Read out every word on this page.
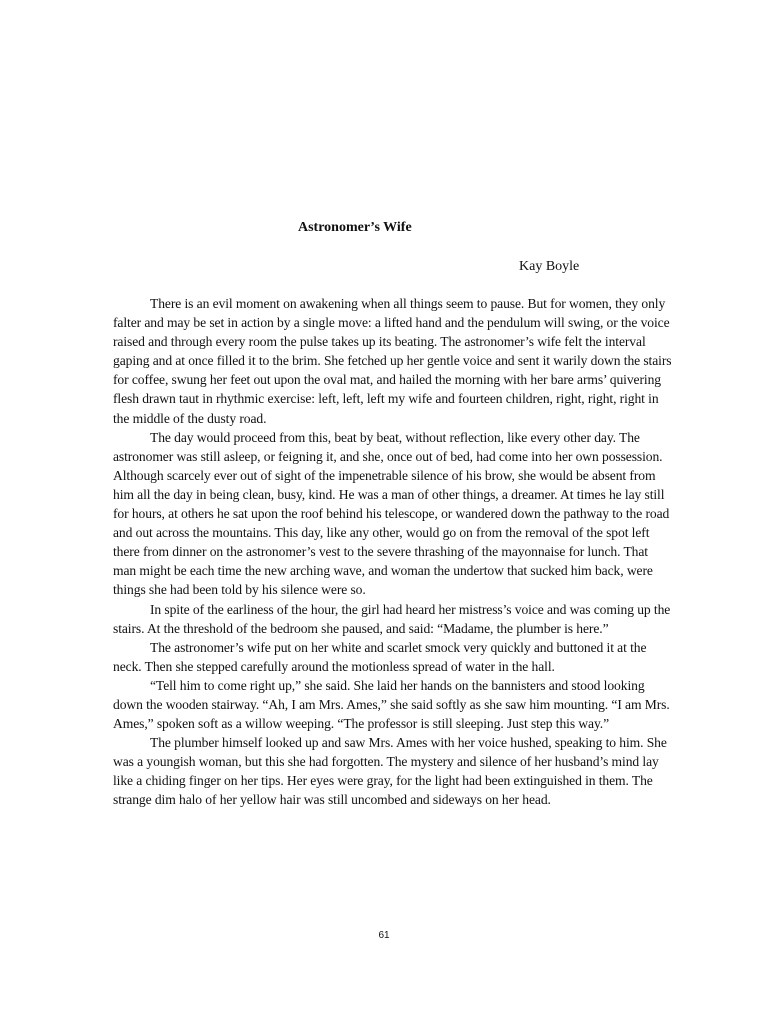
Astronomer’s Wife
Kay Boyle

There is an evil moment on awakening when all things seem to pause. But for women, they only falter and may be set in action by a single move: a lifted hand and the pendulum will swing, or the voice raised and through every room the pulse takes up its beating. The astronomer’s wife felt the interval gaping and at once filled it to the brim. She fetched up her gentle voice and sent it warily down the stairs for coffee, swung her feet out upon the oval mat, and hailed the morning with her bare arms’ quivering flesh drawn taut in rhythmic exercise: left, left, left my wife and fourteen children, right, right, right in the middle of the dusty road.

The day would proceed from this, beat by beat, without reflection, like every other day. The astronomer was still asleep, or feigning it, and she, once out of bed, had come into her own possession. Although scarcely ever out of sight of the impenetrable silence of his brow, she would be absent from him all the day in being clean, busy, kind. He was a man of other things, a dreamer. At times he lay still for hours, at others he sat upon the roof behind his telescope, or wandered down the pathway to the road and out across the mountains. This day, like any other, would go on from the removal of the spot left there from dinner on the astronomer’s vest to the severe thrashing of the mayonnaise for lunch. That man might be each time the new arching wave, and woman the undertow that sucked him back, were things she had been told by his silence were so.

In spite of the earliness of the hour, the girl had heard her mistress’s voice and was coming up the stairs. At the threshold of the bedroom she paused, and said: “Madame, the plumber is here.”

The astronomer’s wife put on her white and scarlet smock very quickly and buttoned it at the neck. Then she stepped carefully around the motionless spread of water in the hall.

“Tell him to come right up,” she said. She laid her hands on the bannisters and stood looking down the wooden stairway. “Ah, I am Mrs. Ames,” she said softly as she saw him mounting. “I am Mrs. Ames,” spoken soft as a willow weeping. “The professor is still sleeping. Just step this way.”

The plumber himself looked up and saw Mrs. Ames with her voice hushed, speaking to him. She was a youngish woman, but this she had forgotten. The mystery and silence of her husband’s mind lay like a chiding finger on her tips. Her eyes were gray, for the light had been extinguished in them. The strange dim halo of her yellow hair was still uncombed and sideways on her head.

61
